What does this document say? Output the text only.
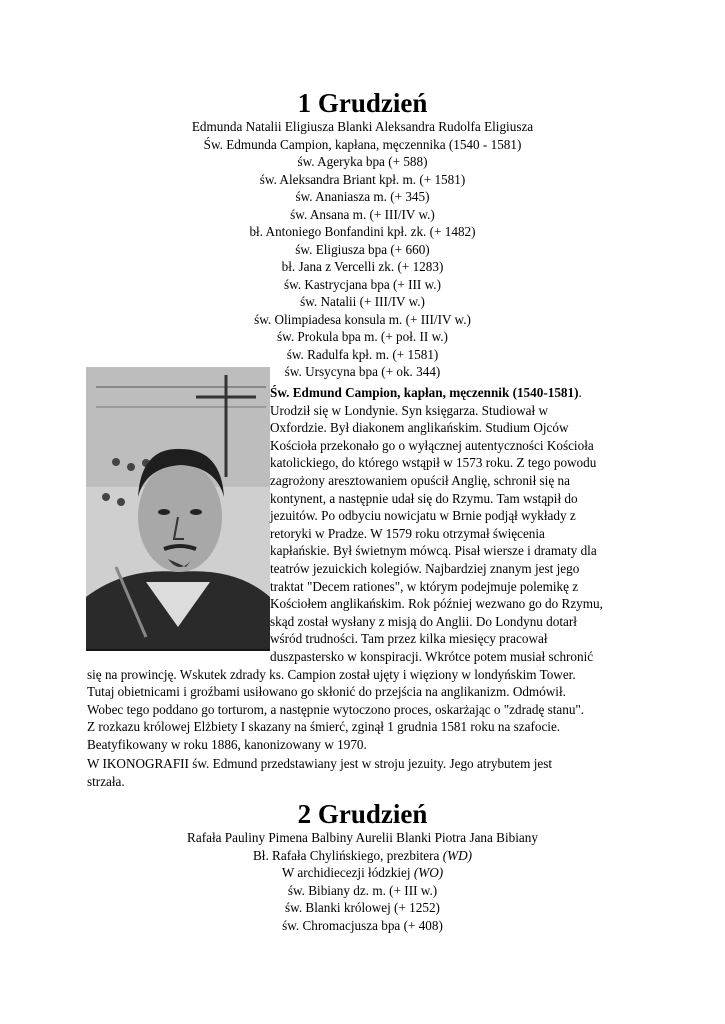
1 Grudzień
Edmunda Natalii Eligiusza Blanki Aleksandra Rudolfa Eligiusza
Św. Edmunda Campion, kapłana, męczennika (1540 - 1581)
św. Ageryka bpa (+ 588)
św. Aleksandra Briant kpł. m. (+ 1581)
św. Ananiasza m. (+ 345)
św. Ansana m. (+ III/IV w.)
bł. Antoniego Bonfandini kpł. zk. (+ 1482)
św. Eligiusza bpa (+ 660)
bł. Jana z Vercelli zk. (+ 1283)
św. Kastrycjana bpa (+ III w.)
św. Natalii (+ III/IV w.)
św. Olimpiadesa konsula m. (+ III/IV w.)
św. Prokula bpa m. (+ poł. II w.)
św. Radulfa kpł. m. (+ 1581)
św. Ursycyna bpa (+ ok. 344)
Św. Edmund Campion, kapłan, męczennik (1540-1581).
Urodził się w Londynie. Syn księgarza. Studiował w
Oxfordzie. Był diakonem anglikańskim. Studium Ojców
Kościoła przekonało go o wyłącznej autentyczności Kościoła
katolickiego, do którego wstąpił w 1573 roku. Z tego powodu
zagrożony aresztowaniem opuścił Anglię, schronił się na
kontynent, a następnie udał się do Rzymu. Tam wstąpił do
jezuitów. Po odbyciu nowicjatu w Brnie podjął wykłady z
retoryki w Pradze. W 1579 roku otrzymał święcenia
kapłańskie. Był świetnym mówcą. Pisał wiersze i dramaty dla
teatrów jezuickich kolegiów. Najbardziej znanym jest jego
traktat "Decem rationes", w którym podejmuje polemikę z
Kościołem anglikańskim. Rok później wezwano go do Rzymu,
skąd został wysłany z misją do Anglii. Do Londynu dotarł
wśród trudności. Tam przez kilka miesięcy pracował
duszpastersko w konspiracji. Wkrótce potem musiał schronić
się na prowincję. Wskutek zdrady ks. Campion został ujęty i więziony w londyńskim Tower.
Tutaj obietnicami i groźbami usiłowano go skłonić do przejścia na anglikanizm. Odmówił.
Wobec tego poddano go torturom, a następnie wytoczono proces, oskarżając o "zdradę stanu".
Z rozkazu królowej Elżbiety I skazany na śmierć, zginął 1 grudnia 1581 roku na szafocie.
Beatyfikowany w roku 1886, kanonizowany w 1970.
W IKONOGRAFII św. Edmund przedstawiany jest w stroju jezuity. Jego atrybutem jest
strzała.
2 Grudzień
Rafała Pauliny Pimena Balbiny Aurelii Blanki Piotra Jana Bibiany
Bł. Rafała Chylińskiego, prezbitera (WD)
W archidiecezji łódzkiej (WO)
św. Bibiany dz. m. (+ III w.)
św. Blanki królowej (+ 1252)
św. Chromacjusza bpa (+ 408)
